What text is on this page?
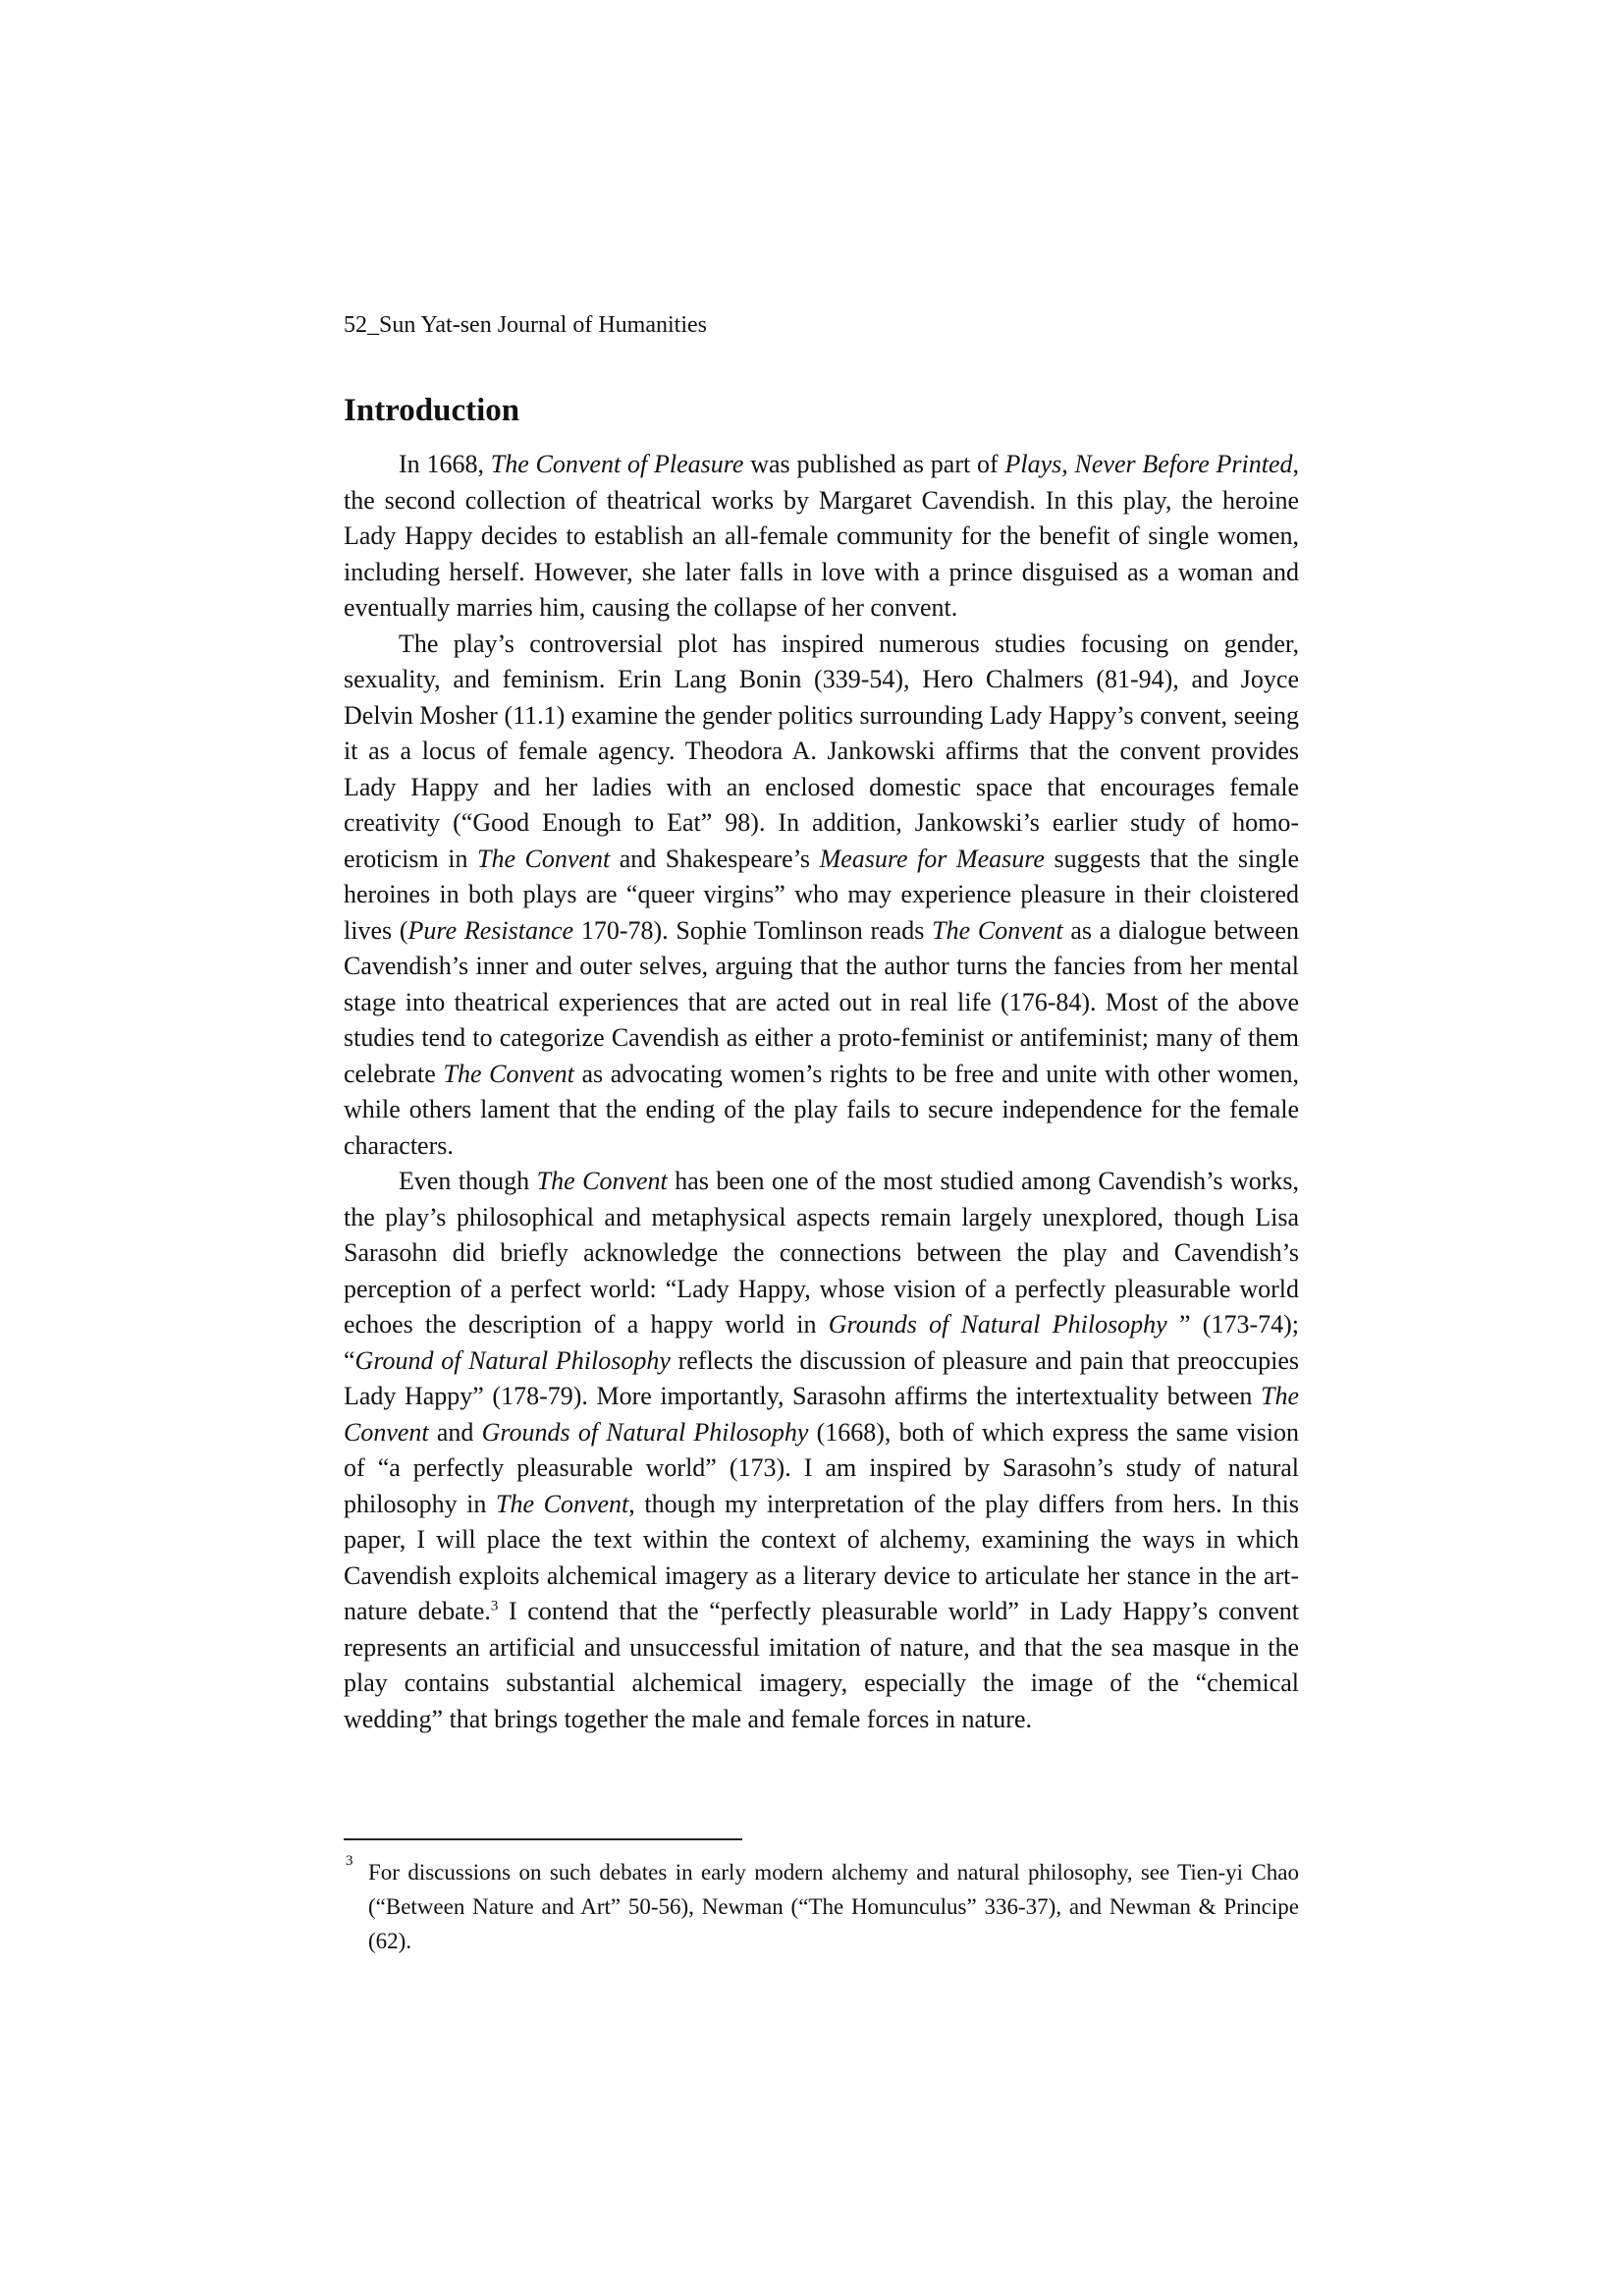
52_Sun Yat-sen Journal of Humanities
Introduction

In 1668, The Convent of Pleasure was published as part of Plays, Never Before Printed, the second collection of theatrical works by Margaret Cavendish. In this play, the heroine Lady Happy decides to establish an all-female community for the benefit of single women, including herself. However, she later falls in love with a prince disguised as a woman and eventually marries him, causing the collapse of her convent.

The play’s controversial plot has inspired numerous studies focusing on gender, sexuality, and feminism. Erin Lang Bonin (339-54), Hero Chalmers (81-94), and Joyce Delvin Mosher (11.1) examine the gender politics surrounding Lady Happy’s convent, seeing it as a locus of female agency. Theodora A. Jankowski affirms that the convent provides Lady Happy and her ladies with an enclosed domestic space that encourages female creativity (“Good Enough to Eat” 98). In addition, Jankowski’s earlier study of homo-eroticism in The Convent and Shakespeare’s Measure for Measure suggests that the single heroines in both plays are “queer virgins” who may experience pleasure in their cloistered lives (Pure Resistance 170-78). Sophie Tomlinson reads The Convent as a dialogue between Cavendish’s inner and outer selves, arguing that the author turns the fancies from her mental stage into theatrical experiences that are acted out in real life (176-84). Most of the above studies tend to categorize Cavendish as either a proto-feminist or antifeminist; many of them celebrate The Convent as advocating women’s rights to be free and unite with other women, while others lament that the ending of the play fails to secure independence for the female characters.

Even though The Convent has been one of the most studied among Cavendish’s works, the play’s philosophical and metaphysical aspects remain largely unexplored, though Lisa Sarasohn did briefly acknowledge the connections between the play and Cavendish’s perception of a perfect world: “Lady Happy, whose vision of a perfectly pleasurable world echoes the description of a happy world in Grounds of Natural Philosophy ” (173-74); “Ground of Natural Philosophy reflects the discussion of pleasure and pain that preoccupies Lady Happy” (178-79). More importantly, Sarasohn affirms the intertextuality between The Convent and Grounds of Natural Philosophy (1668), both of which express the same vision of “a perfectly pleasurable world” (173). I am inspired by Sarasohn’s study of natural philosophy in The Convent, though my interpretation of the play differs from hers. In this paper, I will place the text within the context of alchemy, examining the ways in which Cavendish exploits alchemical imagery as a literary device to articulate her stance in the art-nature debate.$^3$ I contend that the “perfectly pleasurable world” in Lady Happy’s convent represents an artificial and unsuccessful imitation of nature, and that the sea masque in the play contains substantial alchemical imagery, especially the image of the “chemical wedding” that brings together the male and female forces in nature.

3 For discussions on such debates in early modern alchemy and natural philosophy, see Tien-yi Chao (“Between Nature and Art” 50-56), Newman (“The Homunculus” 336-37), and Newman & Principe (62).
